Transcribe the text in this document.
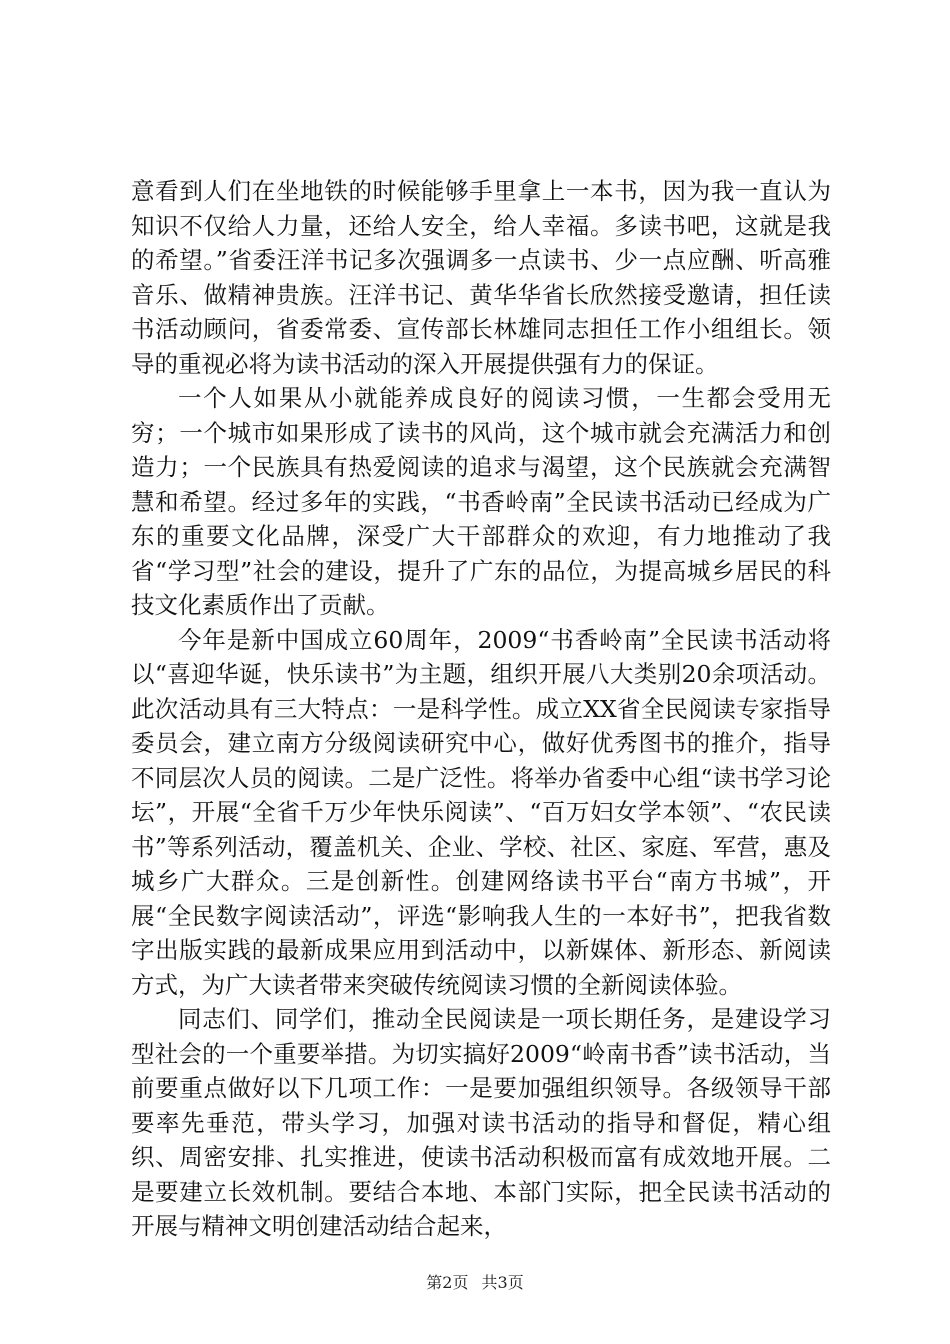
意看到人们在坐地铁的时候能够手里拿上一本书，因为我一直认为知识不仅给人力量，还给人安全，给人幸福。多读书吧，这就是我的希望。”省委汪洋书记多次强调多一点读书、少一点应酬、听高雅音乐、做精神贵族。汪洋书记、黄华华省长欣然接受邀请，担任读书活动顾问，省委常委、宣传部长林雄同志担任工作小组组长。领导的重视必将为读书活动的深入开展提供强有力的保证。

一个人如果从小就能养成良好的阅读习惯，一生都会受用无穷；一个城市如果形成了读书的风尚，这个城市就会充满活力和创造力；一个民族具有热爱阅读的追求与渴望，这个民族就会充满智慧和希望。经过多年的实践，“书香岭南”全民读书活动已经成为广东的重要文化品牌，深受广大干部群众的欢迎，有力地推动了我省“学习型”社会的建设，提升了广东的品位，为提高城乡居民的科技文化素质作出了贡献。

今年是新中国成立60周年，2009“书香岭南”全民读书活动将以“喜迎华诞，快乐读书”为主题，组织开展八大类别20余项活动。此次活动具有三大特点：一是科学性。成立XX省全民阅读专家指导委员会，建立南方分级阅读研究中心，做好优秀图书的推介，指导不同层次人员的阅读。二是广泛性。将举办省委中心组“读书学习论坛”，开展“全省千万少年快乐阅读”、“百万妇女学本领”、“农民读书”等系列活动，覆盖机关、企业、学校、社区、家庭、军营，惠及城乡广大群众。三是创新性。创建网络读书平台“南方书城”，开展“全民数字阅读活动”，评选“影响我人生的一本好书”，把我省数字出版实践的最新成果应用到活动中，以新媒体、新形态、新阅读方式，为广大读者带来突破传统阅读习惯的全新阅读体验。

同志们、同学们，推动全民阅读是一项长期任务，是建设学习型社会的一个重要举措。为切实搞好2009“岭南书香”读书活动，当前要重点做好以下几项工作：一是要加强组织领导。各级领导干部要率先垂范，带头学习，加强对读书活动的指导和督促，精心组织、周密安排、扎实推进，使读书活动积极而富有成效地开展。二是要建立长效机制。要结合本地、本部门实际，把全民读书活动的开展与精神文明创建活动结合起来，

第2页 共3页
